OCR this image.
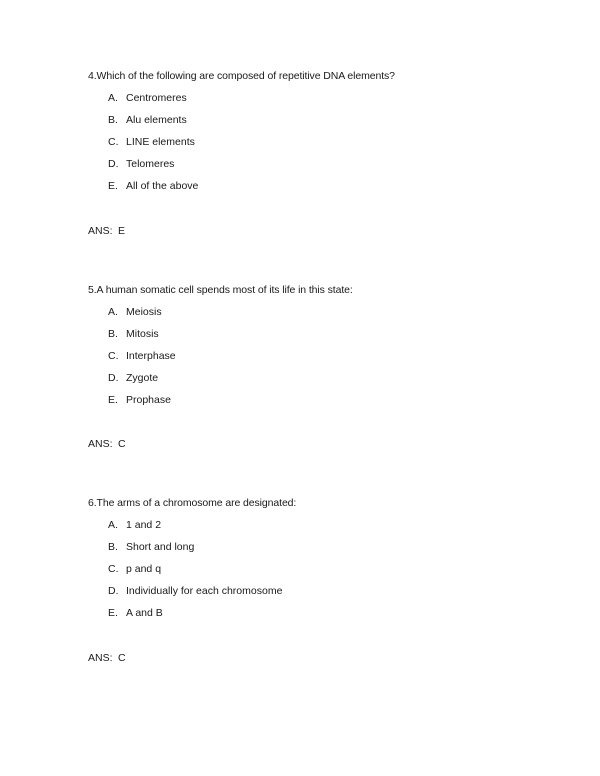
4.Which of the following are composed of repetitive DNA elements?
A. Centromeres
B. Alu elements
C. LINE elements
D. Telomeres
E. All of the above
ANS: E
5.A human somatic cell spends most of its life in this state:
A. Meiosis
B. Mitosis
C. Interphase
D. Zygote
E. Prophase
ANS: C
6.The arms of a chromosome are designated:
A. 1 and 2
B. Short and long
C. p and q
D. Individually for each chromosome
E. A and B
ANS: C
